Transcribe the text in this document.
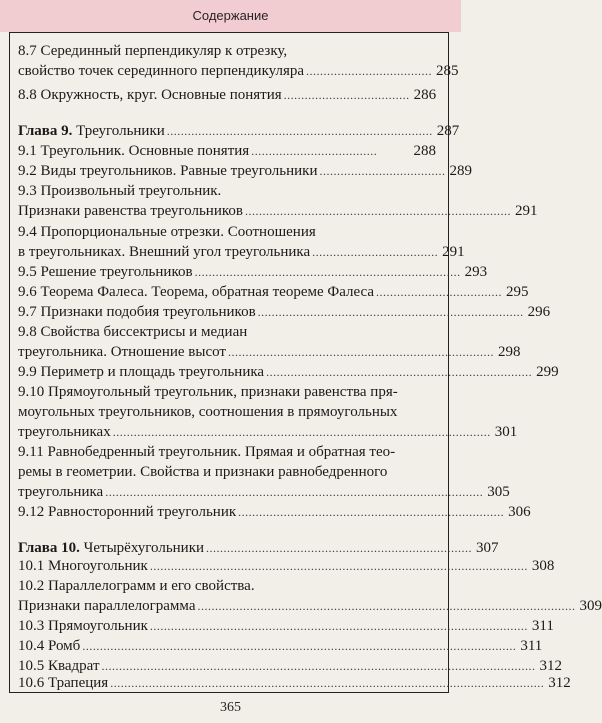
Содержание
8.7 Серединный перпендикуляр к отрезку,
свойство точек серединного перпендикуляра .................................... 285
8.8 Окружность, круг. Основные понятия .................................... 286
Глава 9. Треугольники ............................................................................ 287
9.1 Треугольник. Основные понятия ....................................	288
9.2 Виды треугольников. Равные треугольники .................................... 289
9.3 Произвольный треугольник.
Признаки равенства треугольников ............................................................................ 291
9.4 Пропорциональные отрезки. Соотношения
в треугольниках. Внешний угол треугольника .................................... 291
9.5 Решение треугольников ............................................................................ 293
9.6 Теорема Фалеса. Теорема, обратная теореме Фалеса .................................... 295
9.7 Признаки подобия треугольников ............................................................................ 296
9.8 Свойства биссектрисы и медиан
треугольника. Отношение высот ............................................................................ 298
9.9 Периметр и площадь треугольника ............................................................................ 299
9.10 Прямоугольный треугольник, признаки равенства пря-
моугольных треугольников, соотношения в прямоугольных
треугольниках ............................................................................................................ 301
9.11 Равнобедренный треугольник. Прямая и обратная тео-
ремы в геометрии. Свойства и признаки равнобедренного
треугольника ............................................................................................................ 305
9.12 Равносторонний треугольник ............................................................................ 306
Глава 10. Четырёхугольники ............................................................................ 307
10.1 Многоугольник ............................................................................................................ 308
10.2 Параллелограмм и его свойства.
Признаки параллелограмма ............................................................................................................ 309
10.3 Прямоугольник ............................................................................................................ 311
10.4 Ромб ............................................................................................................................ 311
10.5 Квадрат ............................................................................................................................ 312
10.6 Трапеция ............................................................................................................................ 312
365
